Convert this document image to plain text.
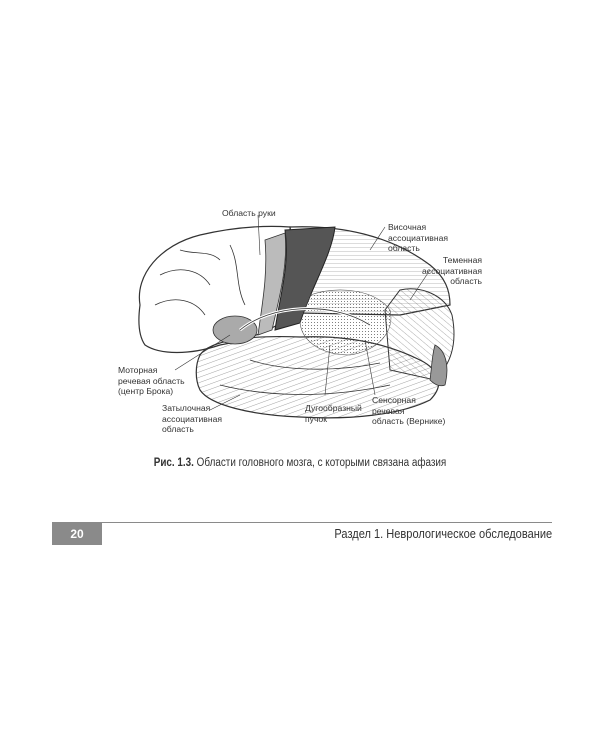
Область руки
Височная
ассоциативная
область
Теменная
ассоциативная
область
Моторная
речевая область
(центр Брока)
Затылочная
ассоциативная
область
Дугообразный
пучок
Сенсорная
речевая
область (Вернике)
Рис. 1.3. Области головного мозга, с которыми связана афазия
20	Раздел 1. Неврологическое обследование
